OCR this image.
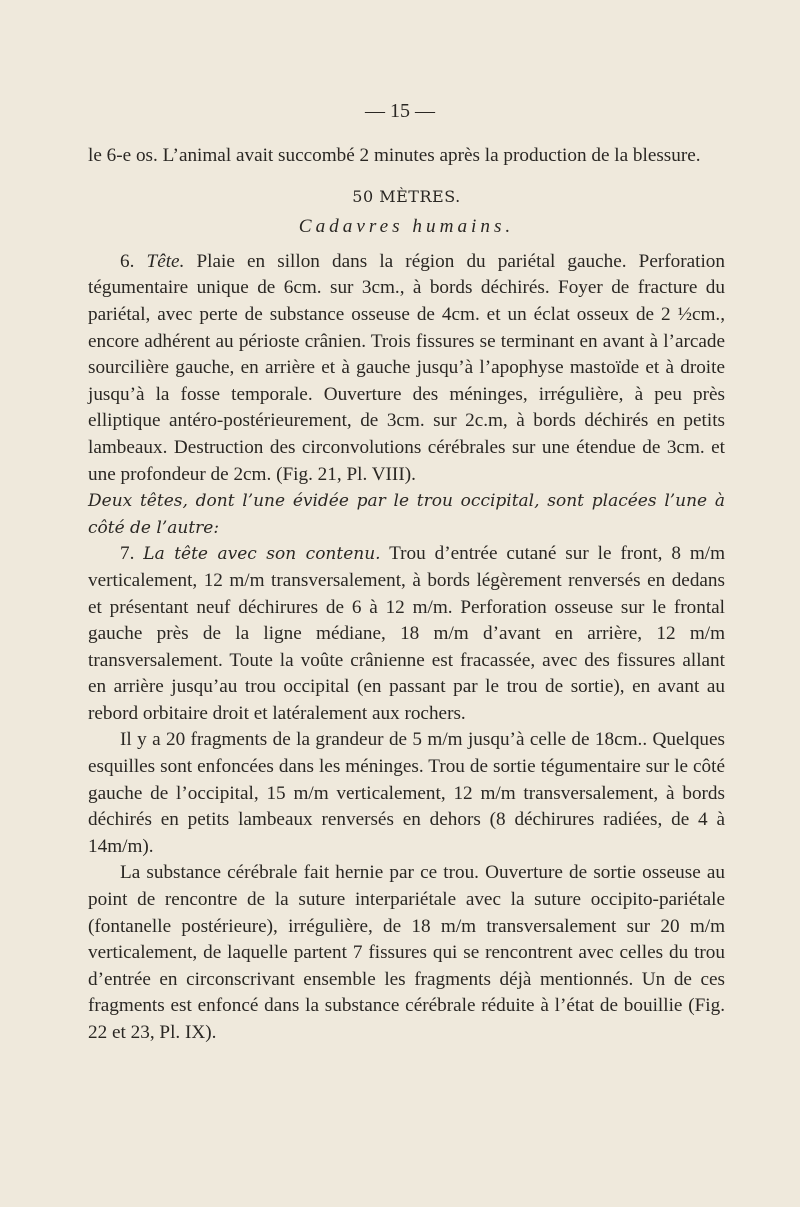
— 15 —

le 6-e os. L’animal avait succombé 2 minutes après la production de la blessure.

50 MÈTRES.

Cadavres humains.

6. Tête. Plaie en sillon dans la région du pariétal gauche. Perforation tégumentaire unique de 6cm. sur 3cm., à bords déchirés. Foyer de fracture du pariétal, avec perte de substance osseuse de 4cm. et un éclat osseux de 2 ½cm., encore adhérent au périoste crânien. Trois fissures se terminant en avant à l’arcade sourcilière gauche, en arrière et à gauche jusqu’à l’apophyse mastoïde et à droite jusqu’à la fosse temporale. Ouverture des méninges, irrégulière, à peu près elliptique antéro-postérieurement, de 3cm. sur 2c.m, à bords déchirés en petits lambeaux. Destruction des circonvolutions cérébrales sur une étendue de 3cm. et une profondeur de 2cm. (Fig. 21, Pl. VIII).

Deux têtes, dont l’une évidée par le trou occipital, sont placées l’une à côté de l’autre:

7. La tête avec son contenu. Trou d’entrée cutané sur le front, 8 m/m verticalement, 12 m/m transversalement, à bords légèrement renversés en dedans et présentant neuf déchirures de 6 à 12 m/m. Perforation osseuse sur le frontal gauche près de la ligne médiane, 18 m/m d’avant en arrière, 12 m/m transversalement. Toute la voûte crânienne est fracassée, avec des fissures allant en arrière jusqu’au trou occipital (en passant par le trou de sortie), en avant au rebord orbitaire droit et latéralement aux rochers.

Il y a 20 fragments de la grandeur de 5 m/m jusqu’à celle de 18cm.. Quelques esquilles sont enfoncées dans les méninges. Trou de sortie tégumentaire sur le côté gauche de l’occipital, 15 m/m verticalement, 12 m/m transversalement, à bords déchirés en petits lambeaux renversés en dehors (8 déchirures radiées, de 4 à 14m/m).

La substance cérébrale fait hernie par ce trou. Ouverture de sortie osseuse au point de rencontre de la suture interpariétale avec la suture occipito-pariétale (fontanelle postérieure), irrégulière, de 18 m/m transversalement sur 20 m/m verticalement, de laquelle partent 7 fissures qui se rencontrent avec celles du trou d’entrée en circonscrivant ensemble les fragments déjà mentionnés. Un de ces fragments est enfoncé dans la substance cérébrale réduite à l’état de bouillie (Fig. 22 et 23, Pl. IX).
